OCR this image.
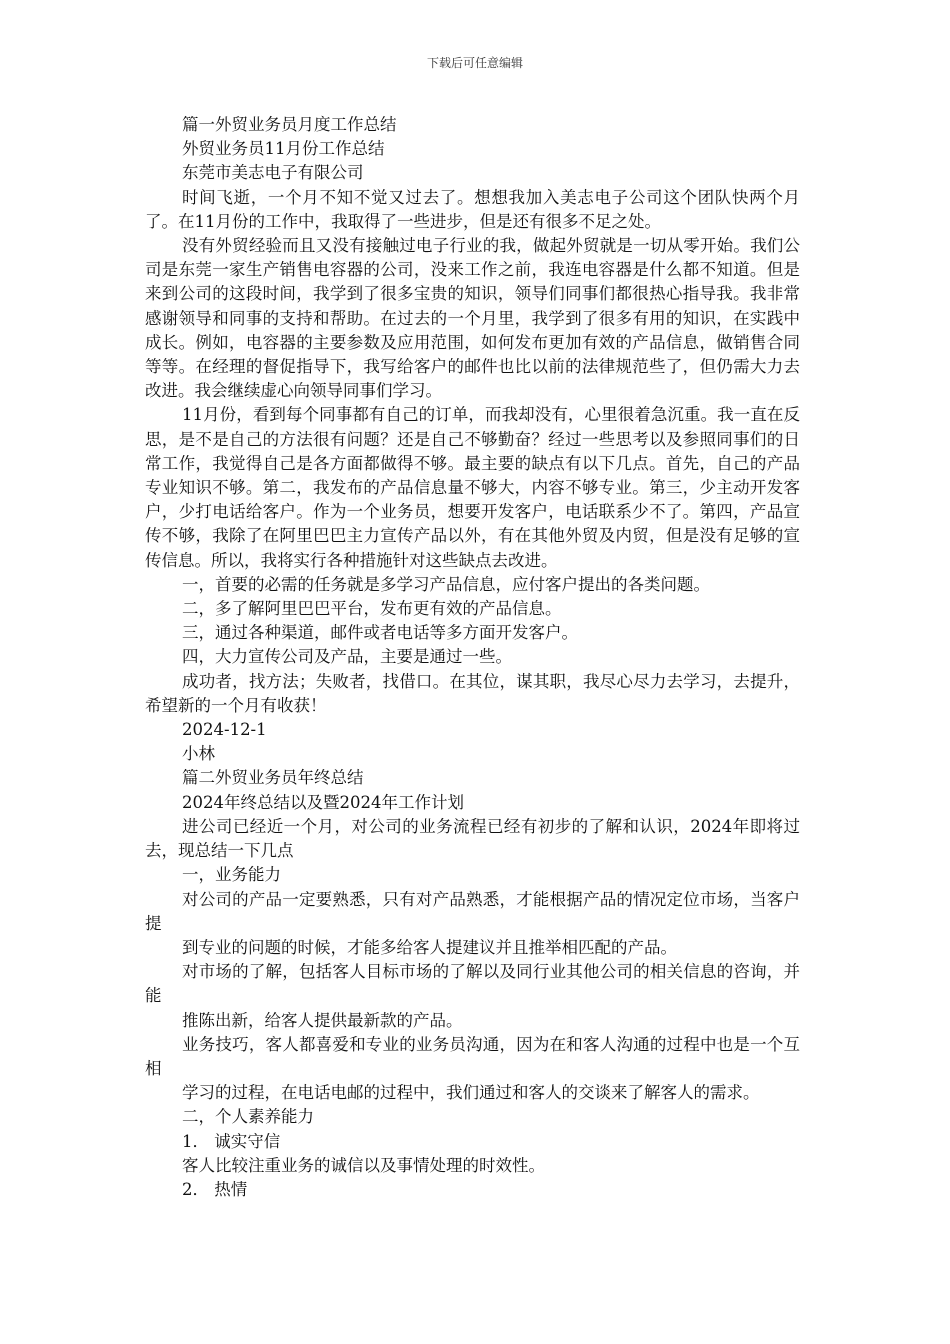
下载后可任意编辑

篇一外贸业务员月度工作总结

外贸业务员11月份工作总结

东莞市美志电子有限公司

时间飞逝，一个月不知不觉又过去了。想想我加入美志电子公司这个团队快两个月了。在11月份的工作中，我取得了一些进步，但是还有很多不足之处。

没有外贸经验而且又没有接触过电子行业的我，做起外贸就是一切从零开始。我们公司是东莞一家生产销售电容器的公司，没来工作之前，我连电容器是什么都不知道。但是来到公司的这段时间，我学到了很多宝贵的知识，领导们同事们都很热心指导我。我非常感谢领导和同事的支持和帮助。在过去的一个月里，我学到了很多有用的知识，在实践中成长。例如，电容器的主要参数及应用范围，如何发布更加有效的产品信息，做销售合同等等。在经理的督促指导下，我写给客户的邮件也比以前的法律规范些了，但仍需大力去改进。我会继续虚心向领导同事们学习。

11月份，看到每个同事都有自己的订单，而我却没有，心里很着急沉重。我一直在反思，是不是自己的方法很有问题？还是自己不够勤奋？经过一些思考以及参照同事们的日常工作，我觉得自己是各方面都做得不够。最主要的缺点有以下几点。首先，自己的产品专业知识不够。第二，我发布的产品信息量不够大，内容不够专业。第三，少主动开发客户，少打电话给客户。作为一个业务员，想要开发客户，电话联系少不了。第四，产品宣传不够，我除了在阿里巴巴主力宣传产品以外，有在其他外贸及内贸，但是没有足够的宣传信息。所以，我将实行各种措施针对这些缺点去改进。

一，首要的必需的任务就是多学习产品信息，应付客户提出的各类问题。

二，多了解阿里巴巴平台，发布更有效的产品信息。

三，通过各种渠道，邮件或者电话等多方面开发客户。

四，大力宣传公司及产品，主要是通过一些。

成功者，找方法；失败者，找借口。在其位，谋其职，我尽心尽力去学习，去提升，希望新的一个月有收获！

2024-12-1

小林

篇二外贸业务员年终总结

2024年终总结以及暨2024年工作计划

进公司已经近一个月，对公司的业务流程已经有初步的了解和认识，2024年即将过去，现总结一下几点

一，业务能力

对公司的产品一定要熟悉，只有对产品熟悉，才能根据产品的情况定位市场，当客户提

到专业的问题的时候，才能多给客人提建议并且推举相匹配的产品。

对市场的了解，包括客人目标市场的了解以及同行业其他公司的相关信息的咨询，并能

推陈出新，给客人提供最新款的产品。

业务技巧，客人都喜爱和专业的业务员沟通，因为在和客人沟通的过程中也是一个互相

学习的过程，在电话电邮的过程中，我们通过和客人的交谈来了解客人的需求。

二，个人素养能力

1． 诚实守信

客人比较注重业务的诚信以及事情处理的时效性。

2． 热情
